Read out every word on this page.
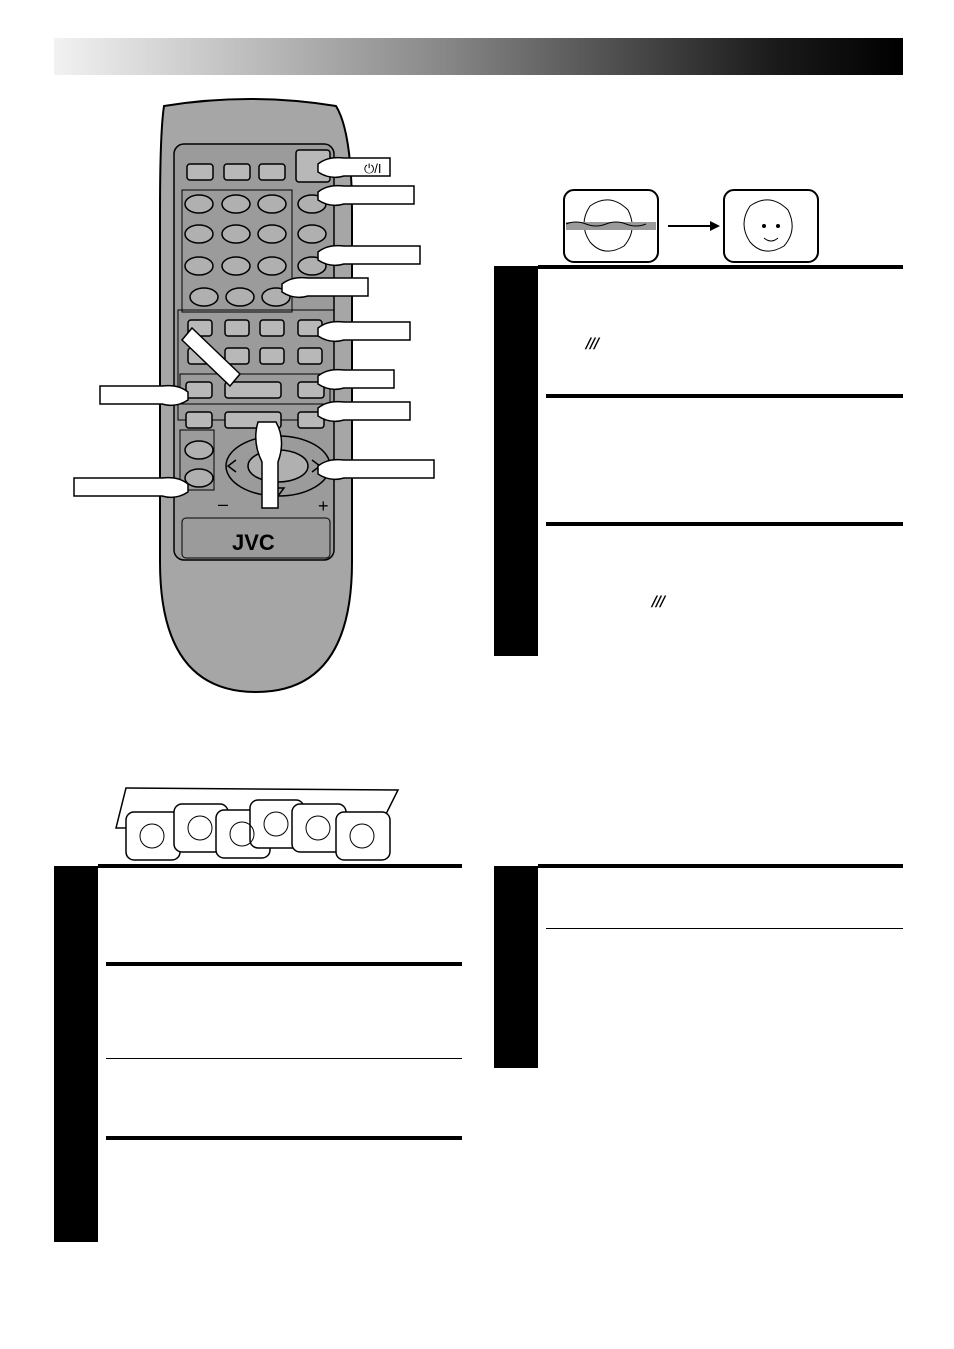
–	+
JVC
⏻/I
///
///
